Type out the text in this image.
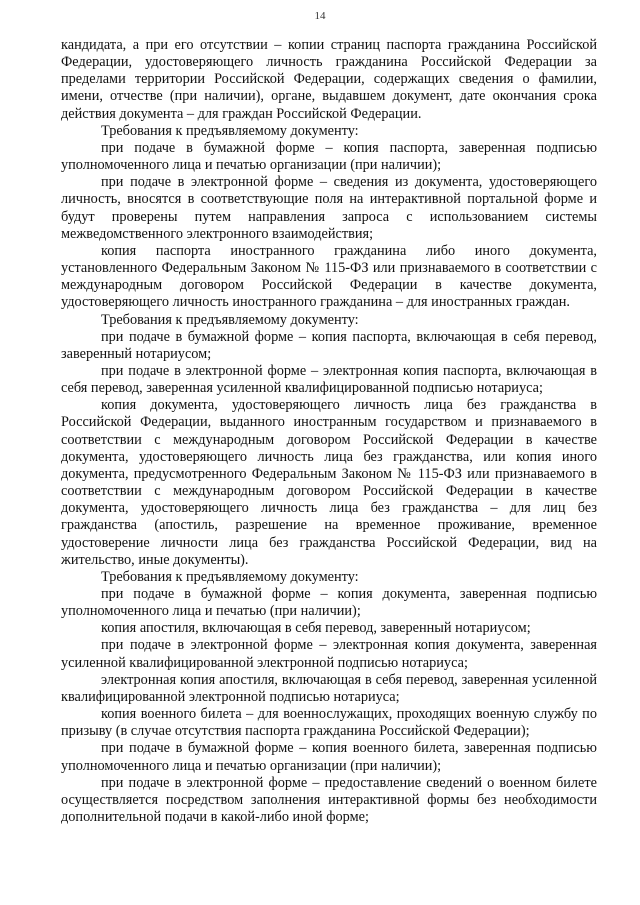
14

кандидата, а при его отсутствии – копии страниц паспорта гражданина Российской Федерации, удостоверяющего личность гражданина Российской Федерации за пределами территории Российской Федерации, содержащих сведения о фамилии, имени, отчестве (при наличии), органе, выдавшем документ, дате окончания срока действия документа – для граждан Российской Федерации.

Требования к предъявляемому документу:

при подаче в бумажной форме – копия паспорта, заверенная подписью уполномоченного лица и печатью организации (при наличии);

при подаче в электронной форме – сведения из документа, удостоверяющего личность, вносятся в соответствующие поля на интерактивной портальной форме и будут проверены путем направления запроса с использованием системы межведомственного электронного взаимодействия;

копия паспорта иностранного гражданина либо иного документа, установленного Федеральным Законом № 115-ФЗ или признаваемого в соответствии с международным договором Российской Федерации в качестве документа, удостоверяющего личность иностранного гражданина – для иностранных граждан.

Требования к предъявляемому документу:

при подаче в бумажной форме – копия паспорта, включающая в себя перевод, заверенный нотариусом;

при подаче в электронной форме – электронная копия паспорта, включающая в себя перевод, заверенная усиленной квалифицированной подписью нотариуса;

копия документа, удостоверяющего личность лица без гражданства в Российской Федерации, выданного иностранным государством и признаваемого в соответствии с международным договором Российской Федерации в качестве документа, удостоверяющего личность лица без гражданства, или копия иного документа, предусмотренного Федеральным Законом № 115-ФЗ или признаваемого в соответствии с международным договором Российской Федерации в качестве документа, удостоверяющего личность лица без гражданства – для лиц без гражданства (апостиль, разрешение на временное проживание, временное удостоверение личности лица без гражданства Российской Федерации, вид на жительство, иные документы).

Требования к предъявляемому документу:

при подаче в бумажной форме – копия документа, заверенная подписью уполномоченного лица и печатью (при наличии);

копия апостиля, включающая в себя перевод, заверенный нотариусом;

при подаче в электронной форме – электронная копия документа, заверенная усиленной квалифицированной электронной подписью нотариуса;

электронная копия апостиля, включающая в себя перевод, заверенная усиленной квалифицированной электронной подписью нотариуса;

копия военного билета – для военнослужащих, проходящих военную службу по призыву (в случае отсутствия паспорта гражданина Российской Федерации);

при подаче в бумажной форме – копия военного билета, заверенная подписью уполномоченного лица и печатью организации (при наличии);

при подаче в электронной форме – предоставление сведений о военном билете осуществляется посредством заполнения интерактивной формы без необходимости дополнительной подачи в какой-либо иной форме;
